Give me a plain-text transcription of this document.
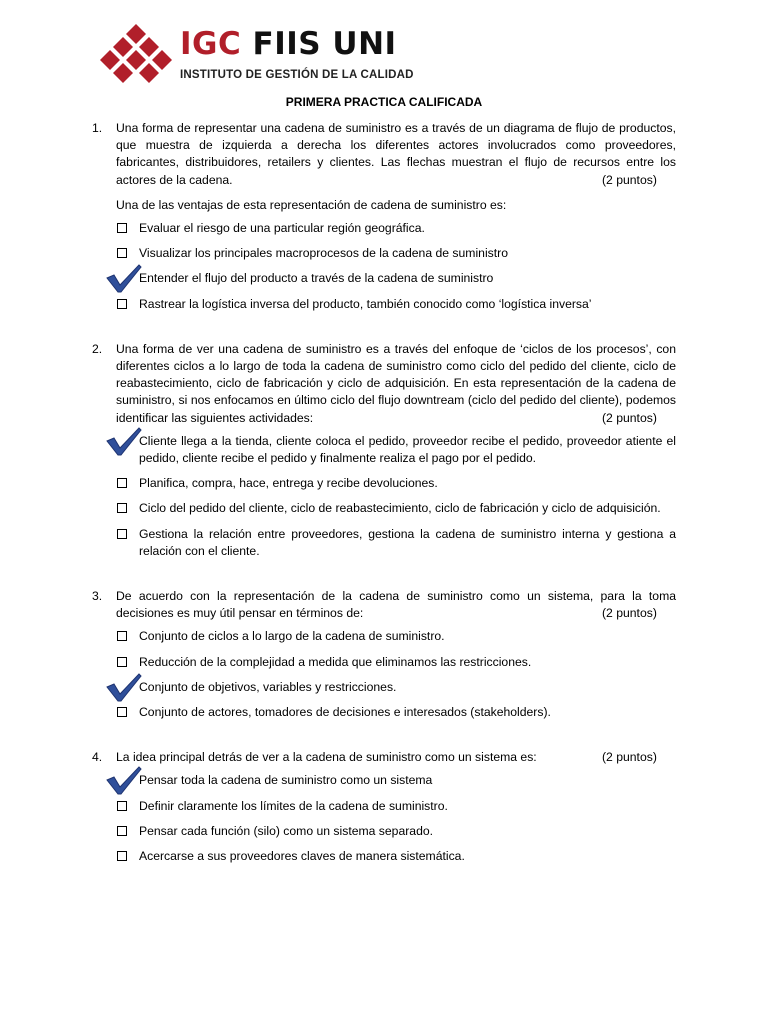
IGC FIIS UNI
INSTITUTO DE GESTIÓN DE LA CALIDAD
PRIMERA PRACTICA CALIFICADA
1. Una forma de representar una cadena de suministro es a través de un diagrama de flujo de productos, que muestra de izquierda a derecha los diferentes actores involucrados como proveedores, fabricantes, distribuidores, retailers y clientes. Las flechas muestran el flujo de recursos entre los actores de la cadena.	(2 puntos)
Una de las ventajas de esta representación de cadena de suministro es:
Evaluar el riesgo de una particular región geográfica.
Visualizar los principales macroprocesos de la cadena de suministro
Entender el flujo del producto a través de la cadena de suministro
Rastrear la logística inversa del producto, también conocido como ‘logística inversa’
2. Una forma de ver una cadena de suministro es a través del enfoque de ‘ciclos de los procesos’, con diferentes ciclos a lo largo de toda la cadena de suministro como ciclo del pedido del cliente, ciclo de reabastecimiento, ciclo de fabricación y ciclo de adquisición. En esta representación de la cadena de suministro, si nos enfocamos en último ciclo del flujo downtream (ciclo del pedido del cliente), podemos identificar las siguientes actividades:	(2 puntos)
Cliente llega a la tienda, cliente coloca el pedido, proveedor recibe el pedido, proveedor atiente el pedido, cliente recibe el pedido y finalmente realiza el pago por el pedido.
Planifica, compra, hace, entrega y recibe devoluciones.
Ciclo del pedido del cliente, ciclo de reabastecimiento, ciclo de fabricación y ciclo de adquisición.
Gestiona la relación entre proveedores, gestiona la cadena de suministro interna y gestiona a relación con el cliente.
3. De acuerdo con la representación de la cadena de suministro como un sistema, para la toma decisiones es muy útil pensar en términos de:	(2 puntos)
Conjunto de ciclos a lo largo de la cadena de suministro.
Reducción de la complejidad a medida que eliminamos las restricciones.
Conjunto de objetivos, variables y restricciones.
Conjunto de actores, tomadores de decisiones e interesados (stakeholders).
4. La idea principal detrás de ver a la cadena de suministro como un sistema es:	(2 puntos)
Pensar toda la cadena de suministro como un sistema
Definir claramente los límites de la cadena de suministro.
Pensar cada función (silo) como un sistema separado.
Acercarse a sus proveedores claves de manera sistemática.
